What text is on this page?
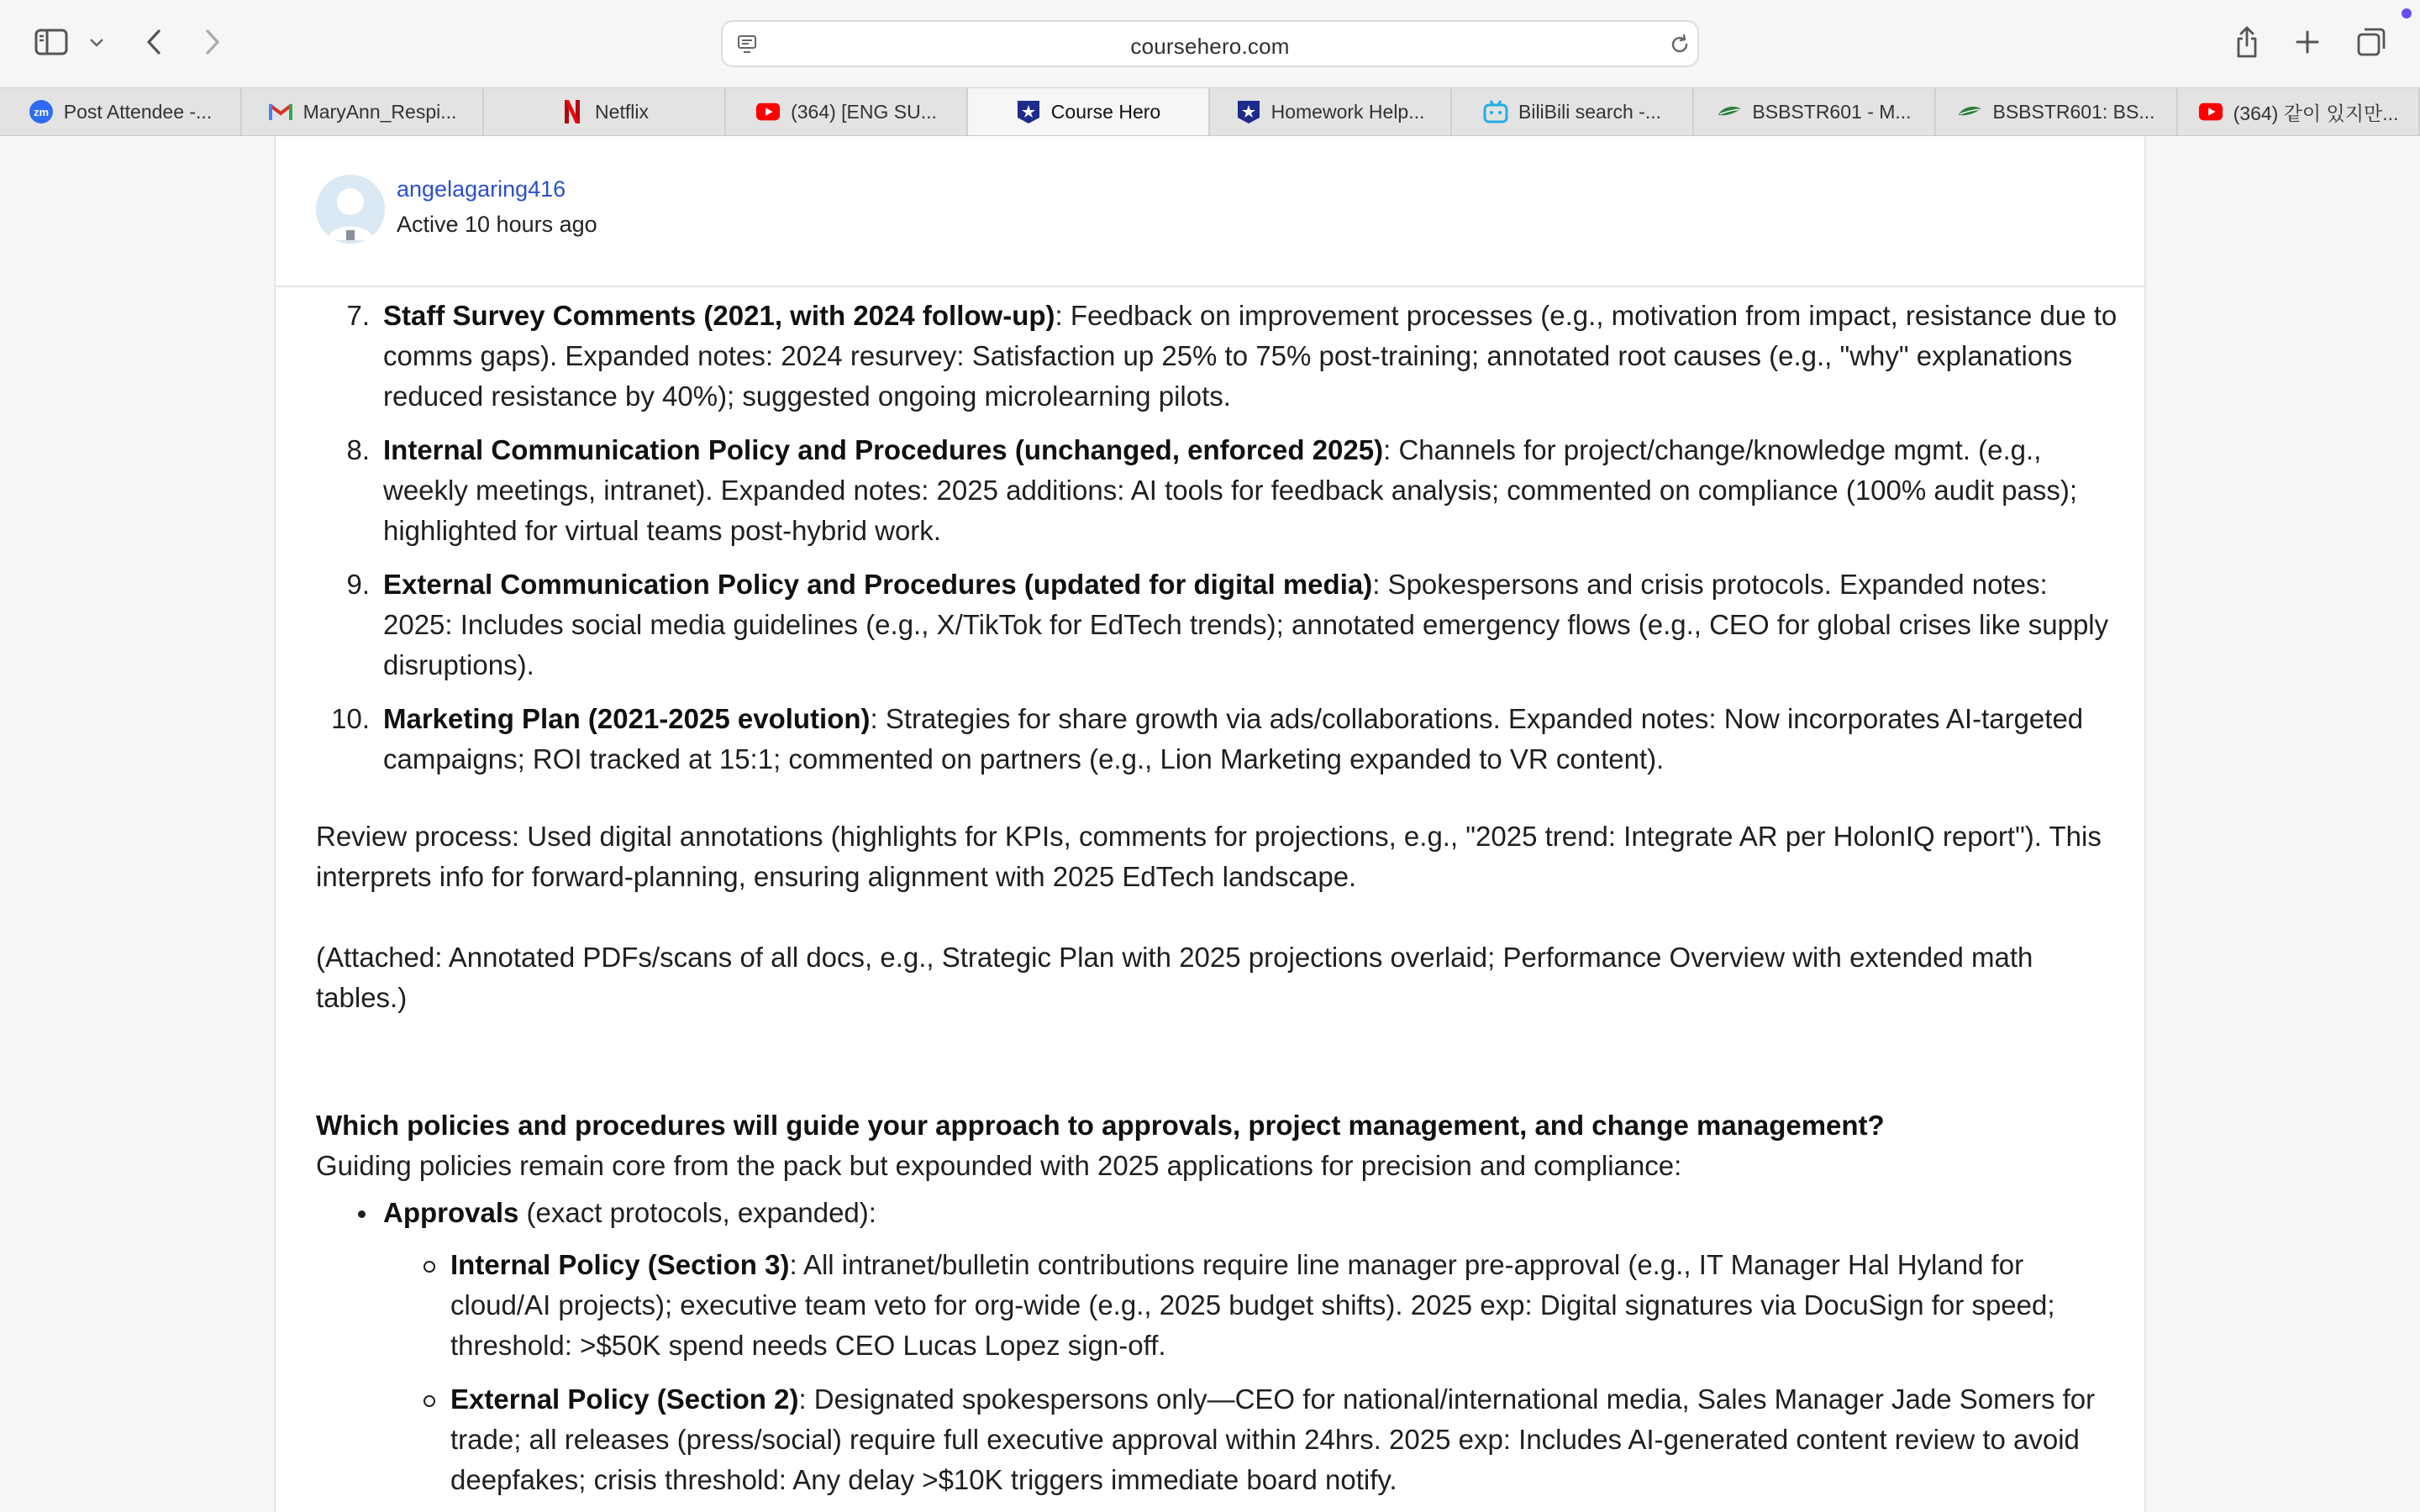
coursehero.com
zm Post Attendee -...	MaryAnn_Respi...	Netflix	(364) [ENG SU...	Course Hero	Homework Help...	BiliBili search -...	BSBSTR601 - M...	BSBSTR601: BS...	(364) 같이 있지만...
7. Staff Survey Comments (2021, with 2024 follow-up): Feedback on improvement processes (e.g., motivation from impact, resistance due to comms gaps). Expanded notes: 2024 resurvey: Satisfaction up 25% to 75% post-training; annotated root causes (e.g., "why" explanations reduced resistance by 40%); suggested ongoing microlearning pilots.
8. Internal Communication Policy and Procedures (unchanged, enforced 2025): Channels for project/change/knowledge mgmt. (e.g., weekly meetings, intranet). Expanded notes: 2025 additions: AI tools for feedback analysis; commented on compliance (100% audit pass); highlighted for virtual teams post-hybrid work.
9. External Communication Policy and Procedures (updated for digital media): Spokespersons and crisis protocols. Expanded notes: 2025: Includes social media guidelines (e.g., X/TikTok for EdTech trends); annotated emergency flows (e.g., CEO for global crises like supply disruptions).
10. Marketing Plan (2021-2025 evolution): Strategies for share growth via ads/collaborations. Expanded notes: Now incorporates AI-targeted campaigns; ROI tracked at 15:1; commented on partners (e.g., Lion Marketing expanded to VR content).

Review process: Used digital annotations (highlights for KPIs, comments for projections, e.g., "2025 trend: Integrate AR per HolonIQ report"). This interprets info for forward-planning, ensuring alignment with 2025 EdTech landscape.

(Attached: Annotated PDFs/scans of all docs, e.g., Strategic Plan with 2025 projections overlaid; Performance Overview with extended math tables.)

Which policies and procedures will guide your approach to approvals, project management, and change management?

Guiding policies remain core from the pack but expounded with 2025 applications for precision and compliance:

Approvals (exact protocols, expanded):
Internal Policy (Section 3): All intranet/bulletin contributions require line manager pre-approval (e.g., IT Manager Hal Hyland for cloud/AI projects); executive team veto for org-wide (e.g., 2025 budget shifts). 2025 exp: Digital signatures via DocuSign for speed; threshold: >$50K spend needs CEO Lucas Lopez sign-off.
External Policy (Section 2): Designated spokespersons only—CEO for national/international media, Sales Manager Jade Somers for trade; all releases (press/social) require full executive approval within 24hrs. 2025 exp: Includes AI-generated content review to avoid deepfakes; crisis threshold: Any delay >$10K triggers immediate board notify.
angelagaring416
Active 10 hours ago
